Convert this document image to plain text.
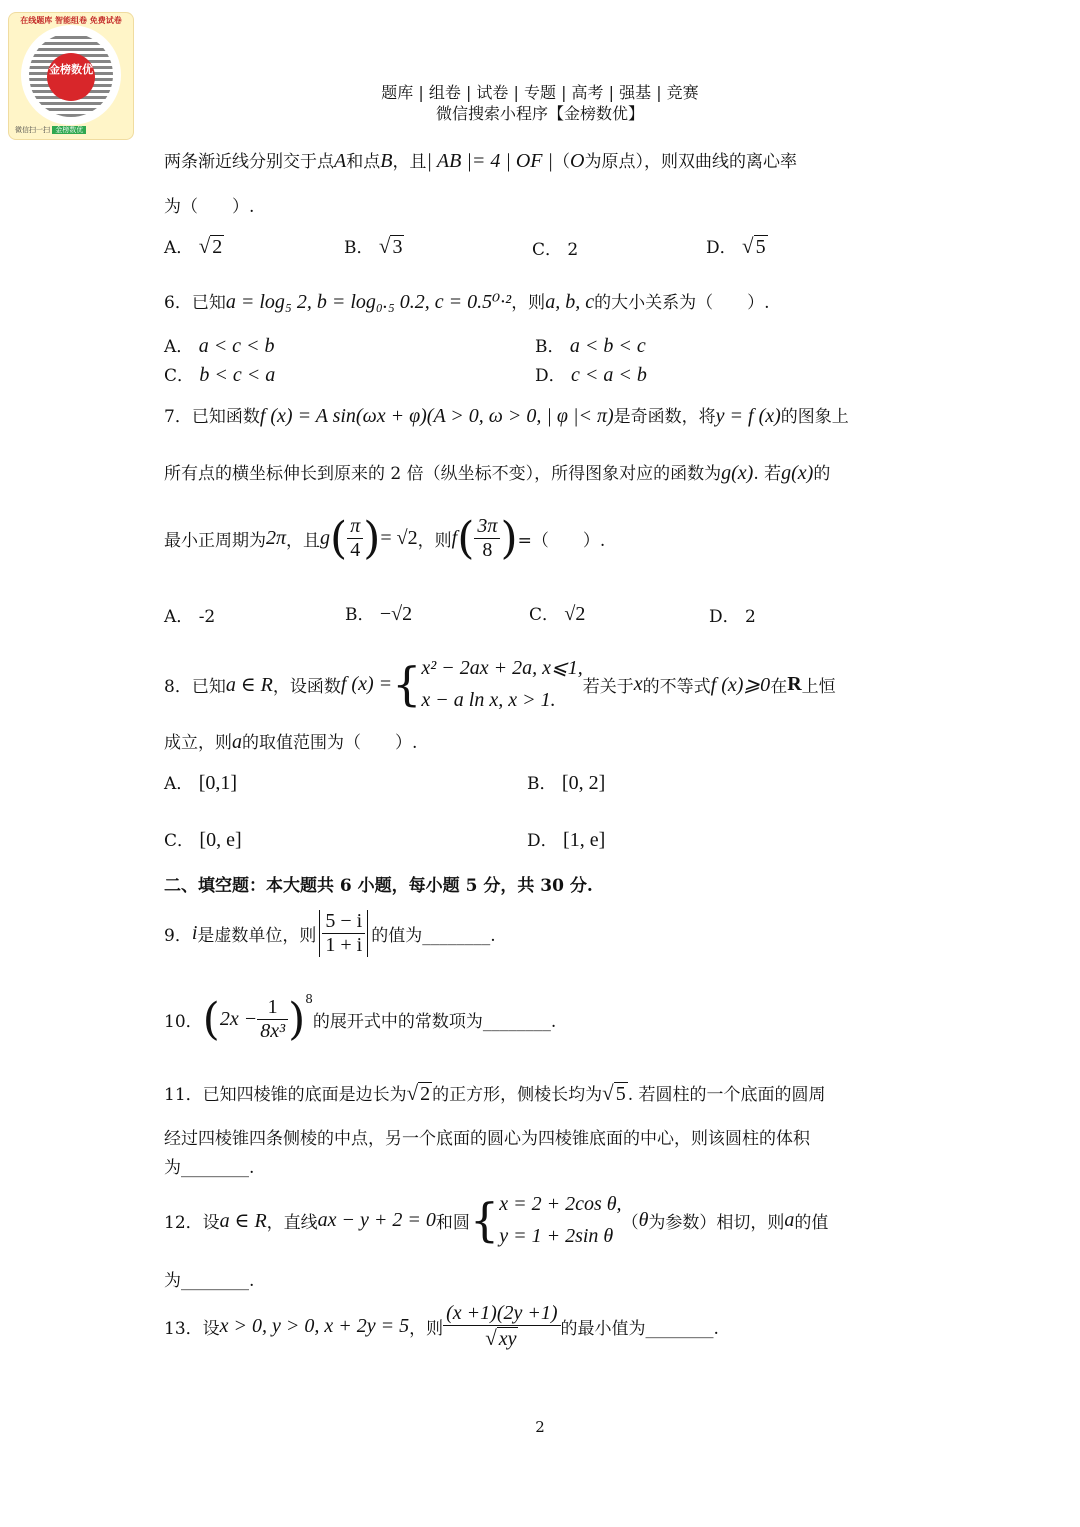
在线题库 智能组卷 免费试卷
金榜数优
微信扫一扫 金榜数优
题库 | 组卷 | 试卷 | 专题 | 高考 | 强基 | 竞赛
微信搜索小程序【金榜数优】
两条渐近线分别交于点A和点B，且| AB |= 4 | OF |（O为原点），则双曲线的离心率
为（　　）.
A． √ 2	B． √ 3	C． 2	D． √ 5
6．已知a = log₅ 2, b = log₀.₅ 0.2, c = 0.5⁰·²，则a, b, c的大小关系为（　　）.
A． a < c < b	B． a < b < c
C． b < c < a	D． c < a < b
7．已知函数f (x) = A sin(ωx + φ)(A > 0, ω > 0, | φ |< π)是奇函数，将y = f (x)的图象上
所有点的横坐标伸长到原来的 2 倍（纵坐标不变），所得图象对应的函数为g(x). 若g(x)的
最小正周期为 2π ，且 g ( $\frac{\pi}{4}$ ) = √2 ，则 f ( $\frac{3\pi}{8}$ ) =（　　）.
A． -2	B． −√2	C． √2	D． 2
8．已知 a ∈ R ，设函数 f (x) = { x² − 2ax + 2a, x⩽1,
x − a ln x, x > 1.
若关于 x 的不等式 f (x)⩾0 在 R 上恒
成立，则a的取值范围为（　　）.
A． [0,1]	B． [0, 2]
C． [0, e]	D． [1, e]
二、填空题：本大题共 6 小题，每小题 5 分，共 30 分.
9． i 是虚数单位，则 $\frac{5 - i}{1 + i}$ 的值为________.
10． ( $2x - \frac{1}{\text{8x³}}$ ) 8
的展开式中的常数项为________.
11．已知四棱锥的底面是边长为√ 2 的正方形，侧棱长均为√ 5 . 若圆柱的一个底面的圆周
经过四棱锥四条侧棱的中点，另一个底面的圆心为四棱锥底面的中心，则该圆柱的体积
为________.
12．设 a ∈ R ，直线 ax − y + 2 = 0 和圆 { x = 2 + 2cos θ,
y = 1 + 2sin θ
（ θ 为参数）相切，则 a 的值
为________.
13．设 x > 0, y > 0, x + 2y = 5 ，则 $\frac{(x +1)(2y +1)}{√ xy}$ 的最小值为________.
2
